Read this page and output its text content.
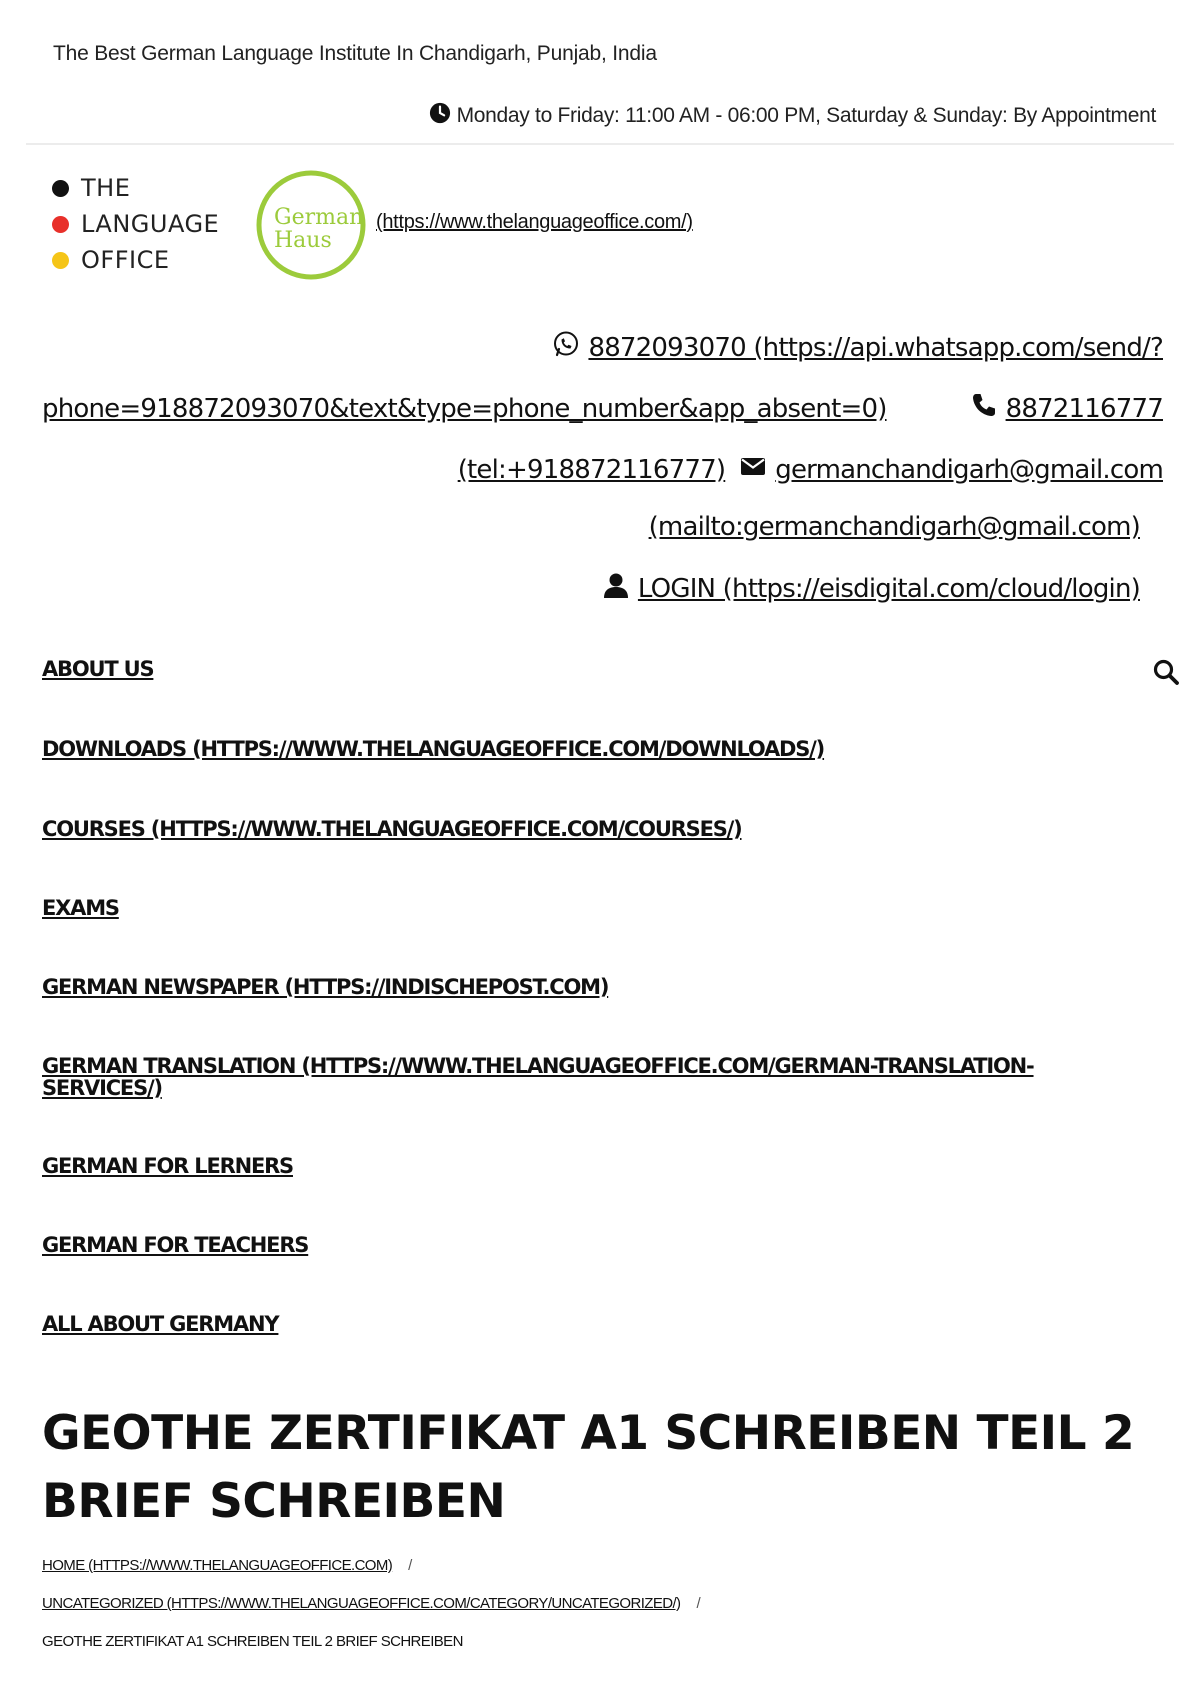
The Best German Language Institute In Chandigarh, Punjab, India
Monday to Friday: 11:00 AM - 06:00 PM, Saturday & Sunday: By Appointment
THE
LANGUAGE
OFFICE
German
Haus
(https://www.thelanguageoffice.com/)
8872093070 (https://api.whatsapp.com/send/?
phone=918872093070&text&type=phone_number&app_absent=0)	8872116777
(tel:+918872116777) germanchandigarh@gmail.com
(mailto:germanchandigarh@gmail.com)
LOGIN (https://eisdigital.com/cloud/login)
ABOUT US
DOWNLOADS (HTTPS://WWW.THELANGUAGEOFFICE.COM/DOWNLOADS/)
COURSES (HTTPS://WWW.THELANGUAGEOFFICE.COM/COURSES/)
EXAMS
GERMAN NEWSPAPER (HTTPS://INDISCHEPOST.COM)
GERMAN TRANSLATION (HTTPS://WWW.THELANGUAGEOFFICE.COM/GERMAN-TRANSLATION-SERVICES/)
GERMAN FOR LERNERS
GERMAN FOR TEACHERS
ALL ABOUT GERMANY
GEOTHE ZERTIFIKAT A1 SCHREIBEN TEIL 2 BRIEF SCHREIBEN
HOME (HTTPS://WWW.THELANGUAGEOFFICE.COM) /
UNCATEGORIZED (HTTPS://WWW.THELANGUAGEOFFICE.COM/CATEGORY/UNCATEGORIZED/) /
GEOTHE ZERTIFIKAT A1 SCHREIBEN TEIL 2 BRIEF SCHREIBEN
